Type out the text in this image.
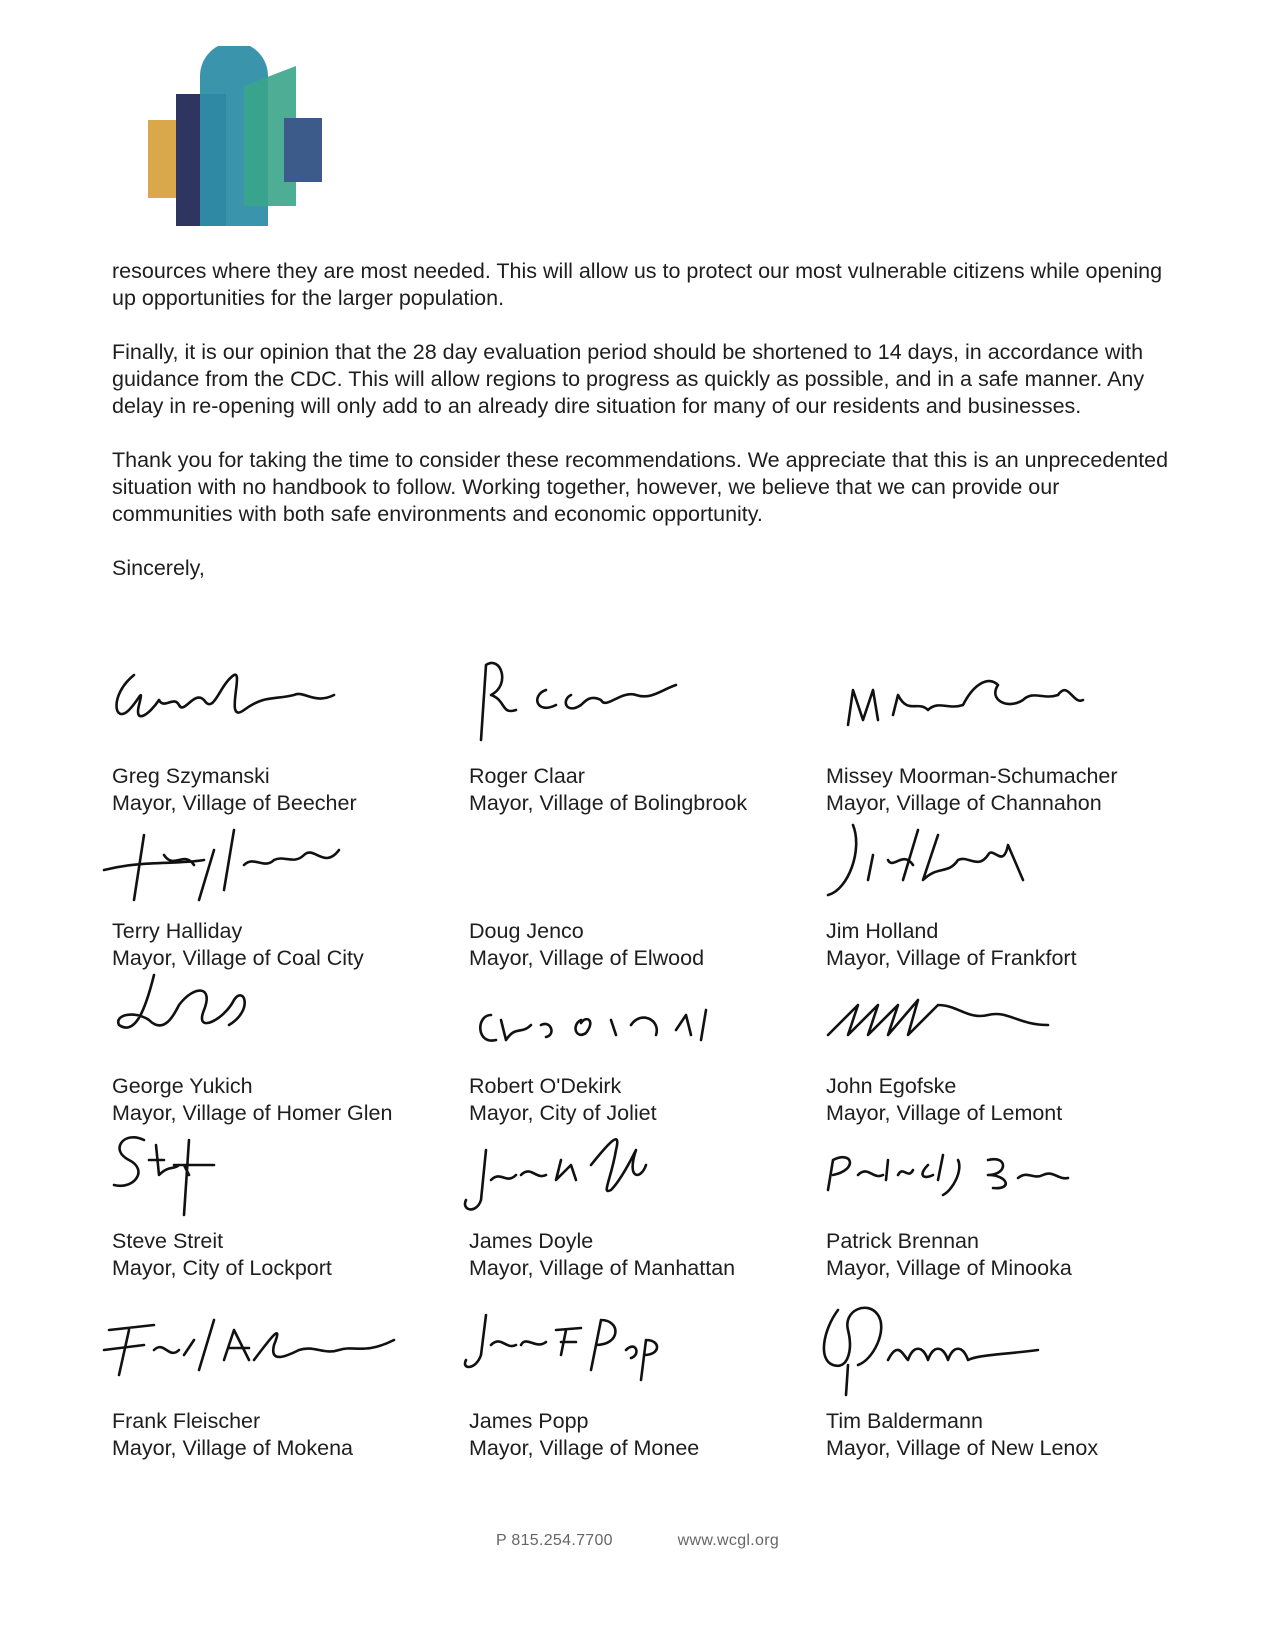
resources where they are most needed. This will allow us to protect our most vulnerable citizens while opening up opportunities for the larger population.

Finally, it is our opinion that the 28 day evaluation period should be shortened to 14 days, in accordance with guidance from the CDC. This will allow regions to progress as quickly as possible, and in a safe manner. Any delay in re-opening will only add to an already dire situation for many of our residents and businesses.

Thank you for taking the time to consider these recommendations. We appreciate that this is an unprecedented situation with no handbook to follow. Working together, however, we believe that we can provide our communities with both safe environments and economic opportunity.

Sincerely,

Greg Szymanski
Mayor, Village of Beecher
Roger Claar
Mayor, Village of Bolingbrook
Missey Moorman-Schumacher
Mayor, Village of Channahon
Terry Halliday
Mayor, Village of Coal City
Doug Jenco
Mayor, Village of Elwood
Jim Holland
Mayor, Village of Frankfort
George Yukich
Mayor, Village of Homer Glen
Robert O'Dekirk
Mayor, City of Joliet
John Egofske
Mayor, Village of Lemont
Steve Streit
Mayor, City of Lockport
James Doyle
Mayor, Village of Manhattan
Patrick Brennan
Mayor, Village of Minooka
Frank Fleischer
Mayor, Village of Mokena
James Popp
Mayor, Village of Monee
Tim Baldermann
Mayor, Village of New Lenox
P 815.254.7700	www.wcgl.org
